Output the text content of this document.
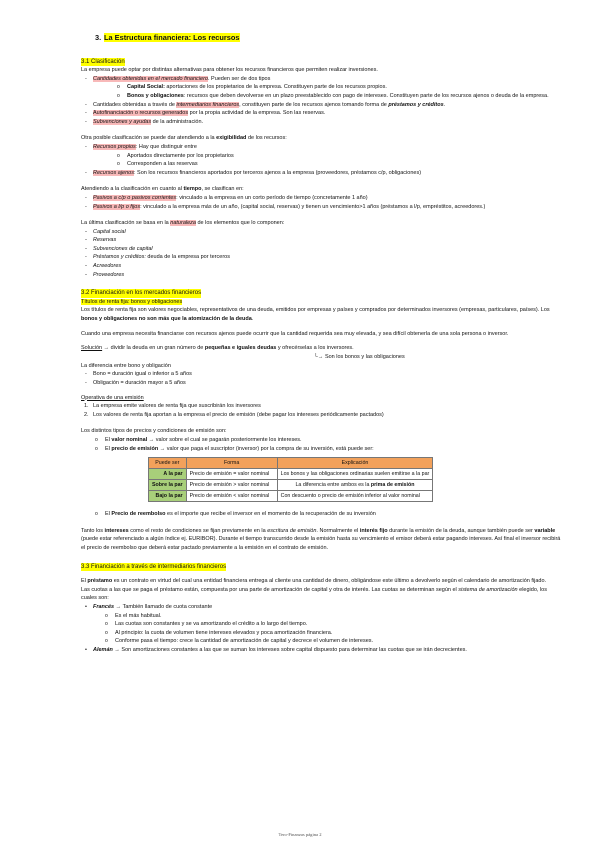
3. La Estructura financiera: Los recursos

3.1 Clasificación

La empresa puede optar por distintas alternativas para obtener los recursos financieros que permiten realizar inversiones.

- Cantidades obtenidas en el mercado financiero. Pueden ser de dos tipos
o Capital Social: aportaciones de los propietarios de la empresa. Constituyen parte de los recursos propios.
o Bonos y obligaciones: recursos que deben devolverse en un plazo preestablecido con pago de intereses. Constituyen parte de los recursos ajenos o deuda de la empresa.
- Cantidades obtenidas a través de intermediarios financieros, constituyen parte de los recursos ajenos tomando forma de préstamos y créditos.
- Autofinanciación o recursos generados por la propia actividad de la empresa. Son las reservas.
- Subvenciones y ayudas de la administración.

Otra posible clasificación se puede dar atendiendo a la exigibilidad de los recursos:

- Recursos propios: Hay que distinguir entre
o Aportados directamente por los propietarios
o Corresponden a las reservas
- Recursos ajenos: Son los recursos financieros aportados por terceros ajenos a la empresa (proveedores, préstamos c/p, obligaciones)

Atendiendo a la clasificación en cuanto al tiempo, se clasifican en:

- Pasivos a c/p o pasivos corrientes: vinculado a la empresa en un corto período de tiempo (concretamente 1 año)
- Pasivos a l/p o fijos: vinculado a la empresa más de un año, (capital social, reservas) y tienen un vencimiento>1 años (préstamos a l/p, empréstitos, acreedores.)

La última clasificación se basa en la naturaleza de los elementos que lo componen:

- Capital social
- Reservas
- Subvenciones de capital
- Préstamos y créditos: deuda de la empresa por terceros
- Acreedores
- Proveedores
3.2 Financiación en los mercados financieros
Títulos de renta fija: bonos y obligaciones

Los títulos de renta fija son valores negociables, representativos de una deuda, emitidos por empresas y países y comprados por determinados inversores (empresas, particulares, países). Los bonos y obligaciones no son más que la atomización de la deuda.

Cuando una empresa necesita financiarse con recursos ajenos puede ocurrir que la cantidad requerida sea muy elevada, y sea difícil obtenerla de una sola persona o inversor.

Solución → dividir la deuda en un gran número de pequeñas e iguales deudas y ofrecérselas a los inversores.

└→ Son los bonos y las obligaciones

La diferencia entre bono y obligación

- Bono = duración igual o inferior a 5 años
- Obligación = duración mayor a 5 años

Operativa de una emisión

1. La empresa emite valores de renta fija que suscribirán los inversores
2. Los valores de renta fija aportan a la empresa el precio de emisión (debe pagar los intereses periódicamente pactados)

Los distintos tipos de precios y condiciones de emisión son:

o El valor nominal → valor sobre el cual se pagarán posteriormente los intereses.
o El precio de emisión → valor que paga el suscriptor (inversor) por la compra de su inversión, está puede ser:
Puede ser	Forma	Explicación
A la par	Precio de emisión = valor nominal	Los bonos y las obligaciones ordinarias suelen emitirse a la par
Sobre la par	Precio de emisión > valor nominal	La diferencia entre ambos es la prima de emisión
Bajo la par	Precio de emisión < valor nominal	Con descuento o precio de emisión inferior al valor nominal
o El Precio de reembolso es el importe que recibe el inversor en el momento de la recuperación de su inversión

Tanto los intereses como el resto de condiciones se fijan previamente en la escritura de emisión. Normalmente el interés fijo durante la emisión de la deuda, aunque también puede ser variable (puede estar referenciado a algún índice ej. EURIBOR). Durante el tiempo transcurrido desde la emisión hasta su vencimiento el emisor deberá estar pagando intereses. Así final el inversor recibirá el precio de reembolso que deberá estar pactado previamente a la emisión en el contrato de emisión.

3.3 Financiación a través de intermediarios financieros

El préstamo es un contrato en virtud del cual una entidad financiera entrega al cliente una cantidad de dinero, obligándose este último a devolverlo según el calendario de amortización fijado.

Las cuotas a las que se paga el préstamo están, compuesta por una parte de amortización de capital y otra de interés. Las cuotas se determinan según el sistema de amortización elegido, los cuales son:

• Francés → También llamado de cuota constante
o Es el más habitual.
o Las cuotas son constantes y se va amortizando el crédito a lo largo del tiempo.
o Al principio: la cuota de volumen tiene intereses elevados y poca amortización financiera.
o Conforme pasa el tiempo: crece la cantidad de amortización de capital y decrece el volumen de intereses.
• Alemán → Son amortizaciones constantes a las que se suman los intereses sobre capital dispuesto para determinar las cuotas que se irán decrecientes.
Tero-Finanzas página 2
